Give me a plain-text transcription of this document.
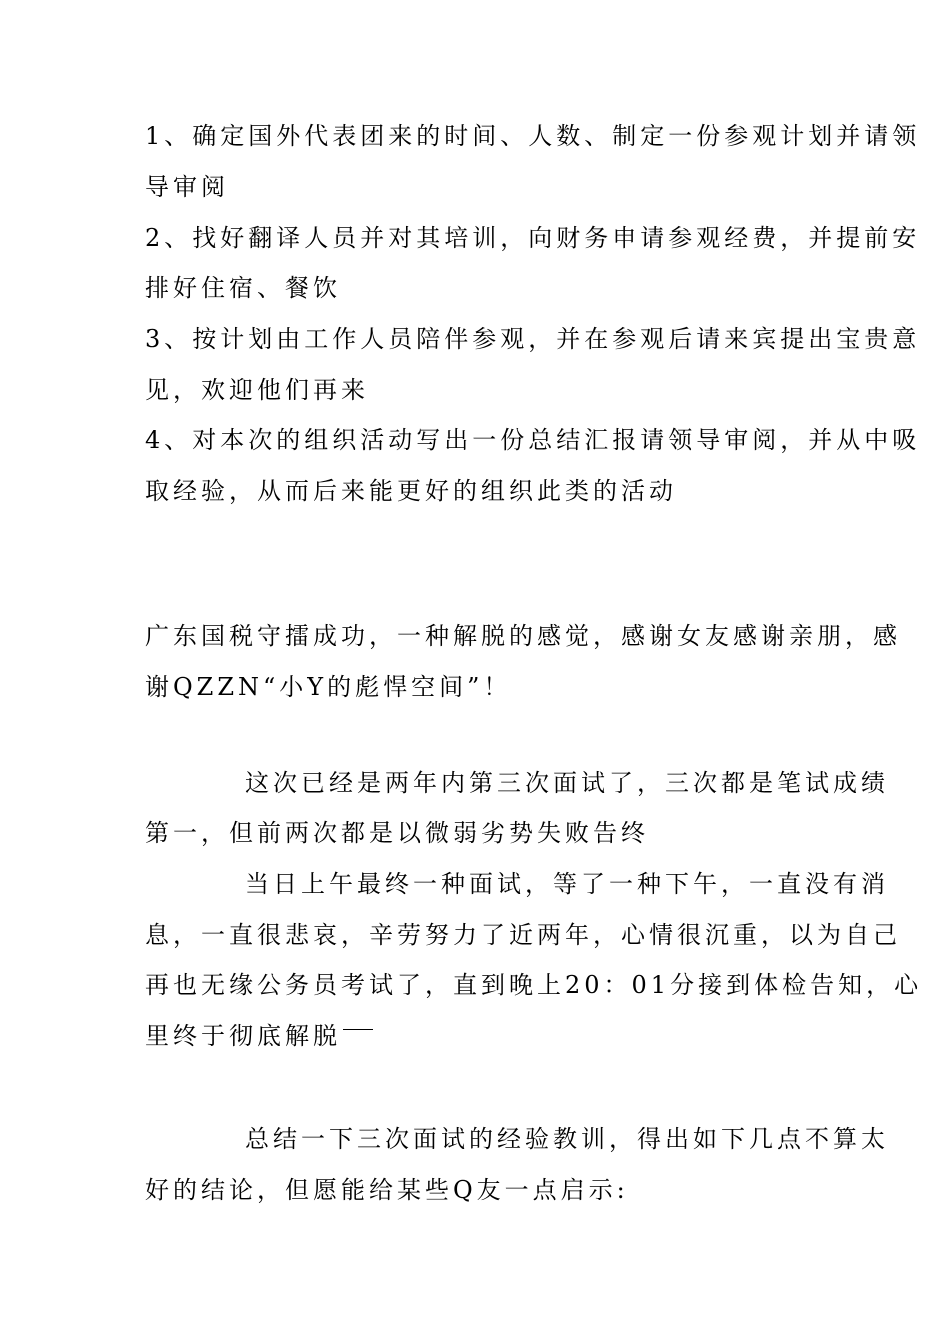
1、确定国外代表团来的时间、人数、制定一份参观计划并请领

导审阅

2、找好翻译人员并对其培训，向财务申请参观经费，并提前安

排好住宿、餐饮

3、按计划由工作人员陪伴参观，并在参观后请来宾提出宝贵意

见，欢迎他们再来

4、对本次的组织活动写出一份总结汇报请领导审阅，并从中吸

取经验，从而后来能更好的组织此类的活动

广东国税守擂成功，一种解脱的感觉，感谢女友感谢亲朋，感

谢QZZN“小Y的彪悍空间”！

这次已经是两年内第三次面试了，三次都是笔试成绩

第一，但前两次都是以微弱劣势失败告终

当日上午最终一种面试，等了一种下午，一直没有消

息，一直很悲哀，辛劳努力了近两年，心情很沉重，以为自己

再也无缘公务员考试了，直到晚上20：01分接到体检告知，心

里终于彻底解脱

总结一下三次面试的经验教训，得出如下几点不算太

好的结论，但愿能给某些Q友一点启示:
